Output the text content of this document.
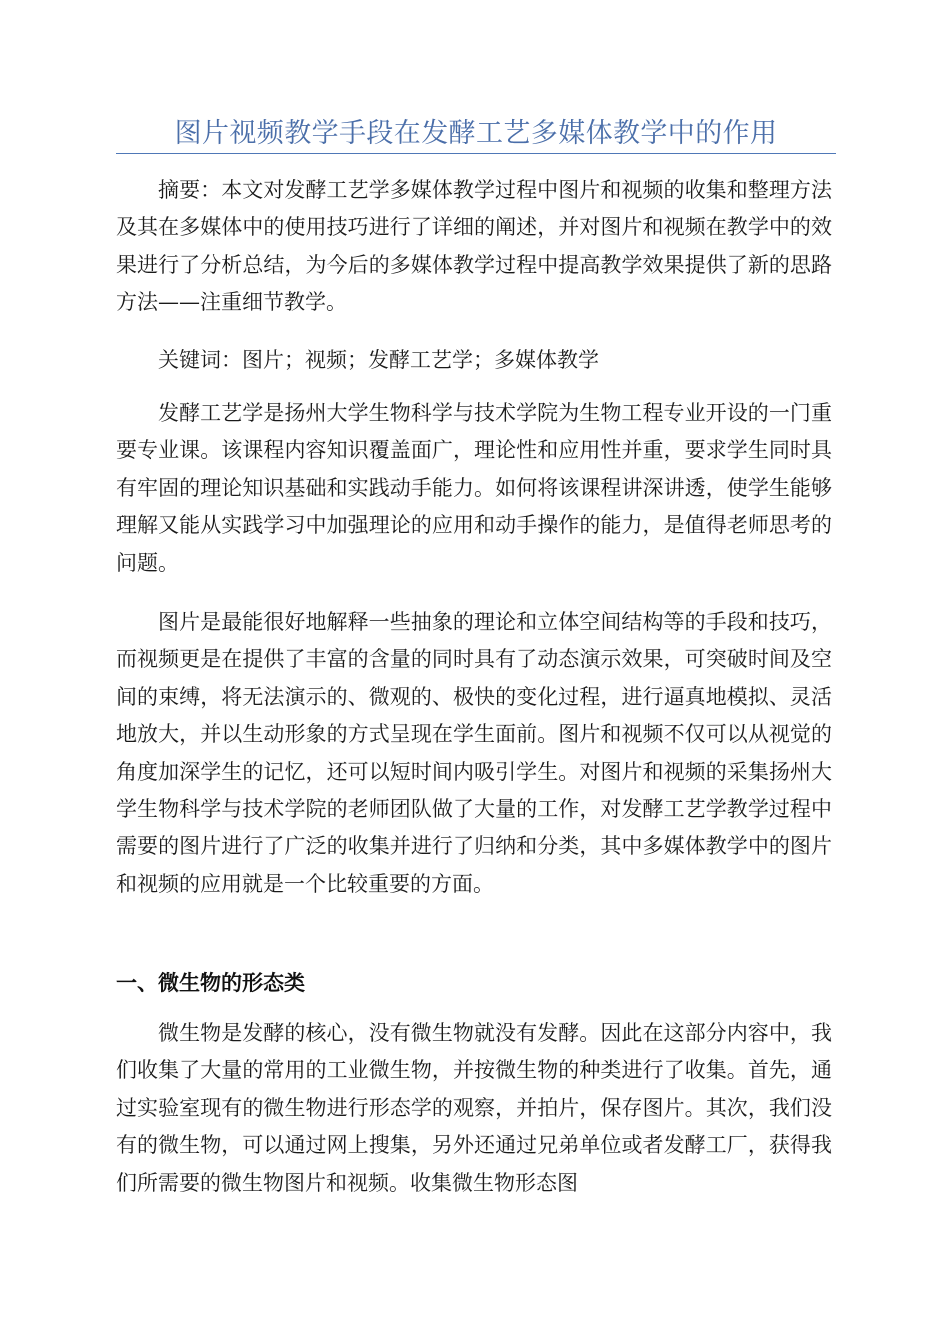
图片视频教学手段在发酵工艺多媒体教学中的作用

摘要：本文对发酵工艺学多媒体教学过程中图片和视频的收集和整理方法及其在多媒体中的使用技巧进行了详细的阐述，并对图片和视频在教学中的效果进行了分析总结，为今后的多媒体教学过程中提高教学效果提供了新的思路方法——注重细节教学。

关键词：图片；视频；发酵工艺学；多媒体教学

发酵工艺学是扬州大学生物科学与技术学院为生物工程专业开设的一门重要专业课。该课程内容知识覆盖面广，理论性和应用性并重，要求学生同时具有牢固的理论知识基础和实践动手能力。如何将该课程讲深讲透，使学生能够理解又能从实践学习中加强理论的应用和动手操作的能力，是值得老师思考的问题。

图片是最能很好地解释一些抽象的理论和立体空间结构等的手段和技巧，而视频更是在提供了丰富的含量的同时具有了动态演示效果，可突破时间及空间的束缚，将无法演示的、微观的、极快的变化过程，进行逼真地模拟、灵活地放大，并以生动形象的方式呈现在学生面前。图片和视频不仅可以从视觉的角度加深学生的记忆，还可以短时间内吸引学生。对图片和视频的采集扬州大学生物科学与技术学院的老师团队做了大量的工作，对发酵工艺学教学过程中需要的图片进行了广泛的收集并进行了归纳和分类，其中多媒体教学中的图片和视频的应用就是一个比较重要的方面。

一、微生物的形态类

微生物是发酵的核心，没有微生物就没有发酵。因此在这部分内容中，我们收集了大量的常用的工业微生物，并按微生物的种类进行了收集。首先，通过实验室现有的微生物进行形态学的观察，并拍片，保存图片。其次，我们没有的微生物，可以通过网上搜集，另外还通过兄弟单位或者发酵工厂，获得我们所需要的微生物图片和视频。收集微生物形态图
